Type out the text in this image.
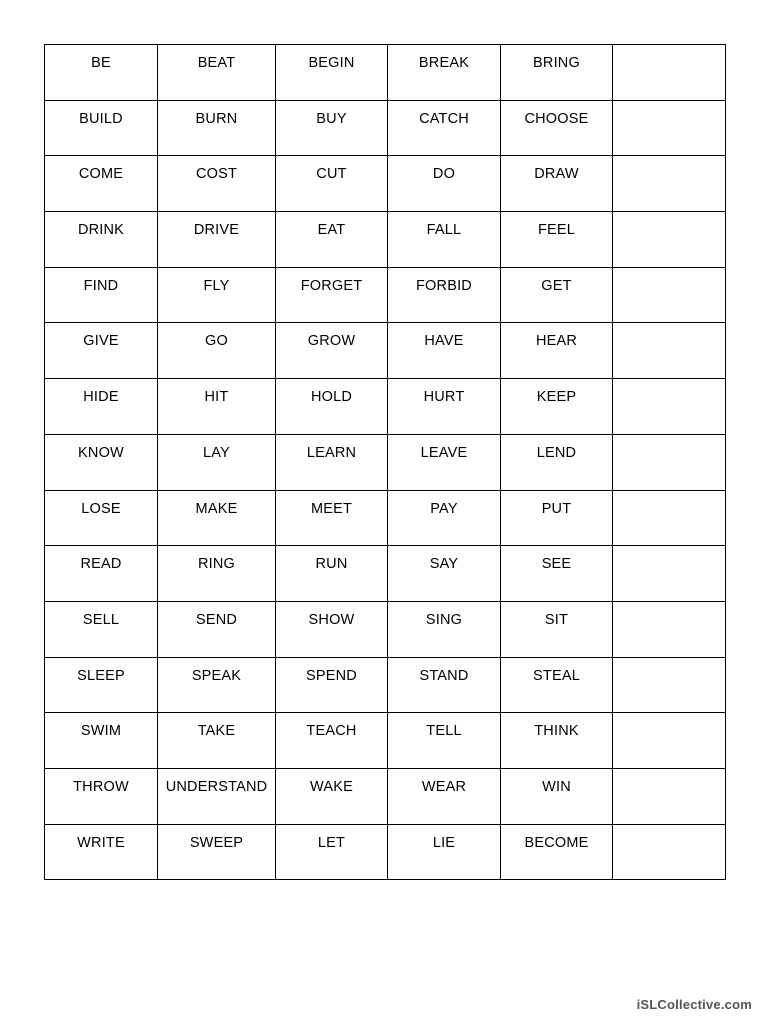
BE	BEAT	BEGIN	BREAK	BRING	

BUILD	BURN	BUY	CATCH	CHOOSE	

COME	COST	CUT	DO	DRAW	

DRINK	DRIVE	EAT	FALL	FEEL	

FIND	FLY	FORGET	FORBID	GET	

GIVE	GO	GROW	HAVE	HEAR	

HIDE	HIT	HOLD	HURT	KEEP	

KNOW	LAY	LEARN	LEAVE	LEND	

LOSE	MAKE	MEET	PAY	PUT	

READ	RING	RUN	SAY	SEE	

SELL	SEND	SHOW	SING	SIT	

SLEEP	SPEAK	SPEND	STAND	STEAL	

SWIM	TAKE	TEACH	TELL	THINK	

THROW	UNDERSTAND	WAKE	WEAR	WIN	

WRITE	SWEEP	LET	LIE	BECOME	

iSLCollective.com
